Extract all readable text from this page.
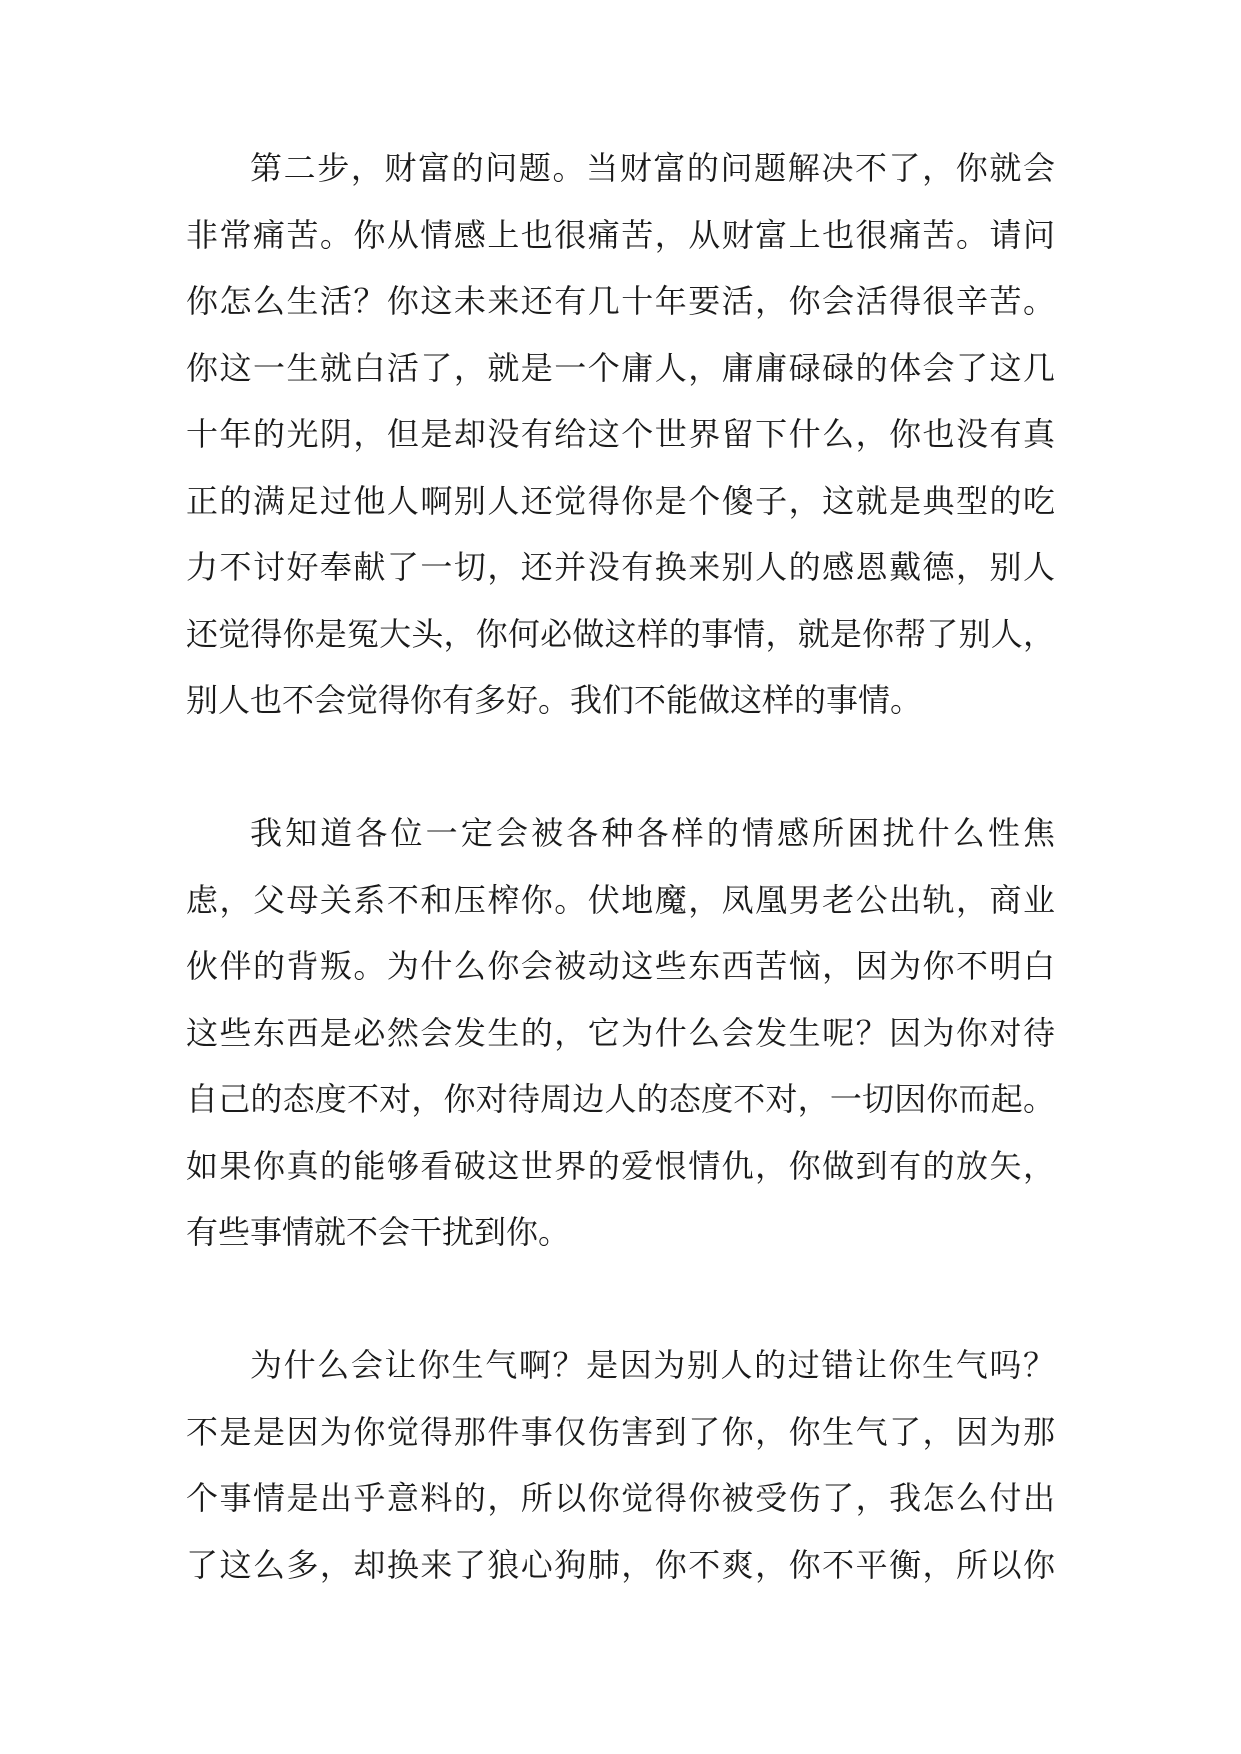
第二步，财富的问题。当财富的问题解决不了，你就会
非常痛苦。你从情感上也很痛苦，从财富上也很痛苦。请问
你怎么生活？你这未来还有几十年要活，你会活得很辛苦。
你这一生就白活了，就是一个庸人，庸庸碌碌的体会了这几
十年的光阴，但是却没有给这个世界留下什么，你也没有真
正的满足过他人啊别人还觉得你是个傻子，这就是典型的吃
力不讨好奉献了一切，还并没有换来别人的感恩戴德，别人
还觉得你是冤大头，你何必做这样的事情，就是你帮了别人，
别人也不会觉得你有多好。我们不能做这样的事情。
我知道各位一定会被各种各样的情感所困扰什么性焦
虑，父母关系不和压榨你。伏地魔，凤凰男老公出轨，商业
伙伴的背叛。为什么你会被动这些东西苦恼，因为你不明白
这些东西是必然会发生的，它为什么会发生呢？因为你对待
自己的态度不对，你对待周边人的态度不对，一切因你而起。
如果你真的能够看破这世界的爱恨情仇，你做到有的放矢，
有些事情就不会干扰到你。
为什么会让你生气啊？是因为别人的过错让你生气吗？
不是是因为你觉得那件事仅伤害到了你，你生气了，因为那
个事情是出乎意料的，所以你觉得你被受伤了，我怎么付出
了这么多，却换来了狼心狗肺，你不爽，你不平衡，所以你
